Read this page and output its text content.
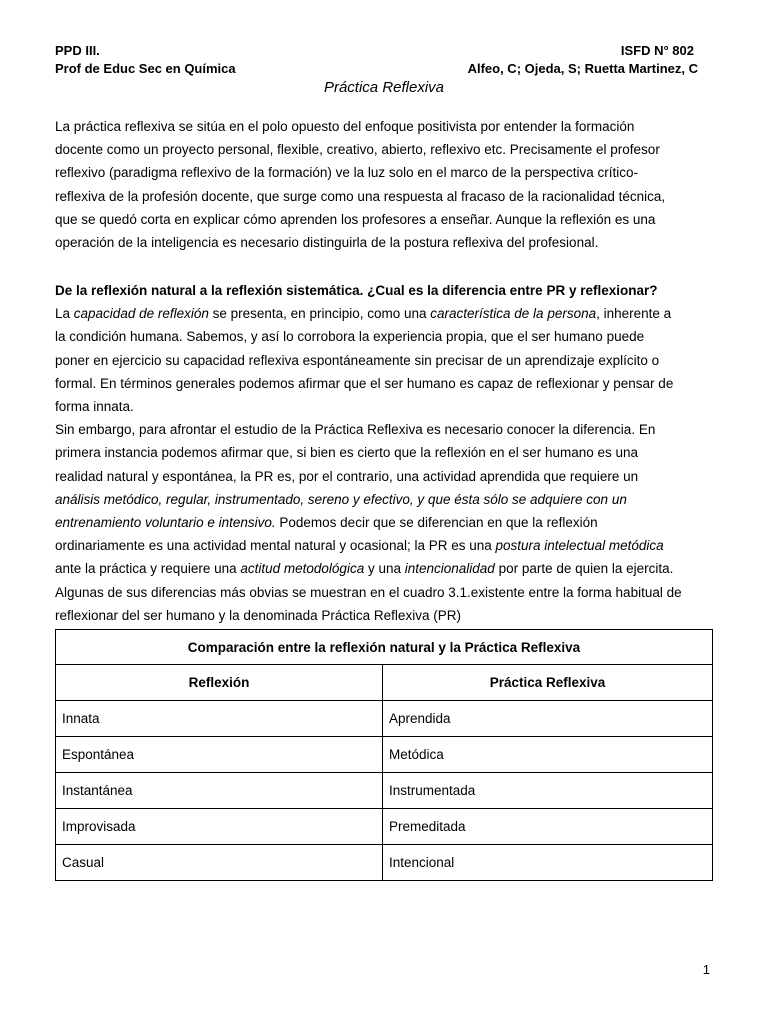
PPD III.	ISFD N° 802
Prof de Educ Sec en Química	Alfeo, C; Ojeda, S; Ruetta Martinez, C
Práctica Reflexiva
La práctica reflexiva se sitúa en el polo opuesto del enfoque positivista por entender la formación
docente como un proyecto personal, flexible, creativo, abierto, reflexivo etc. Precisamente el profesor
reflexivo (paradigma reflexivo de la formación) ve la luz solo en el marco de la perspectiva crítico-
reflexiva de la profesión docente, que surge como una respuesta al fracaso de la racionalidad técnica,
que se quedó corta en explicar cómo aprenden los profesores a enseñar. Aunque la reflexión es una
operación de la inteligencia es necesario distinguirla de la postura reflexiva del profesional.
De la reflexión natural a la reflexión sistemática. ¿Cual es la diferencia entre PR y reflexionar?
La capacidad de reflexión se presenta, en principio, como una característica de la persona, inherente a
la condición humana. Sabemos, y así lo corrobora la experiencia propia, que el ser humano puede
poner en ejercicio su capacidad reflexiva espontáneamente sin precisar de un aprendizaje explícito o
formal. En términos generales podemos afirmar que el ser humano es capaz de reflexionar y pensar de
forma innata.
Sin embargo, para afrontar el estudio de la Práctica Reflexiva es necesario conocer la diferencia. En
primera instancia podemos afirmar que, si bien es cierto que la reflexión en el ser humano es una
realidad natural y espontánea, la PR es, por el contrario, una actividad aprendida que requiere un
análisis metódico, regular, instrumentado, sereno y efectivo, y que ésta sólo se adquiere con un
entrenamiento voluntario e intensivo. Podemos decir que se diferencian en que la reflexión
ordinariamente es una actividad mental natural y ocasional; la PR es una postura intelectual metódica
ante la práctica y requiere una actitud metodológica y una intencionalidad por parte de quien la ejercita.
Algunas de sus diferencias más obvias se muestran en el cuadro 3.1.existente entre la forma habitual de
reflexionar del ser humano y la denominada Práctica Reflexiva (PR)
Comparación entre la reflexión natural y la Práctica Reflexiva	
Reflexión	Práctica Reflexiva
Innata	Aprendida
Espontánea	Metódica
Instantánea	Instrumentada
Improvisada	Premeditada
Casual	Intencional
1
